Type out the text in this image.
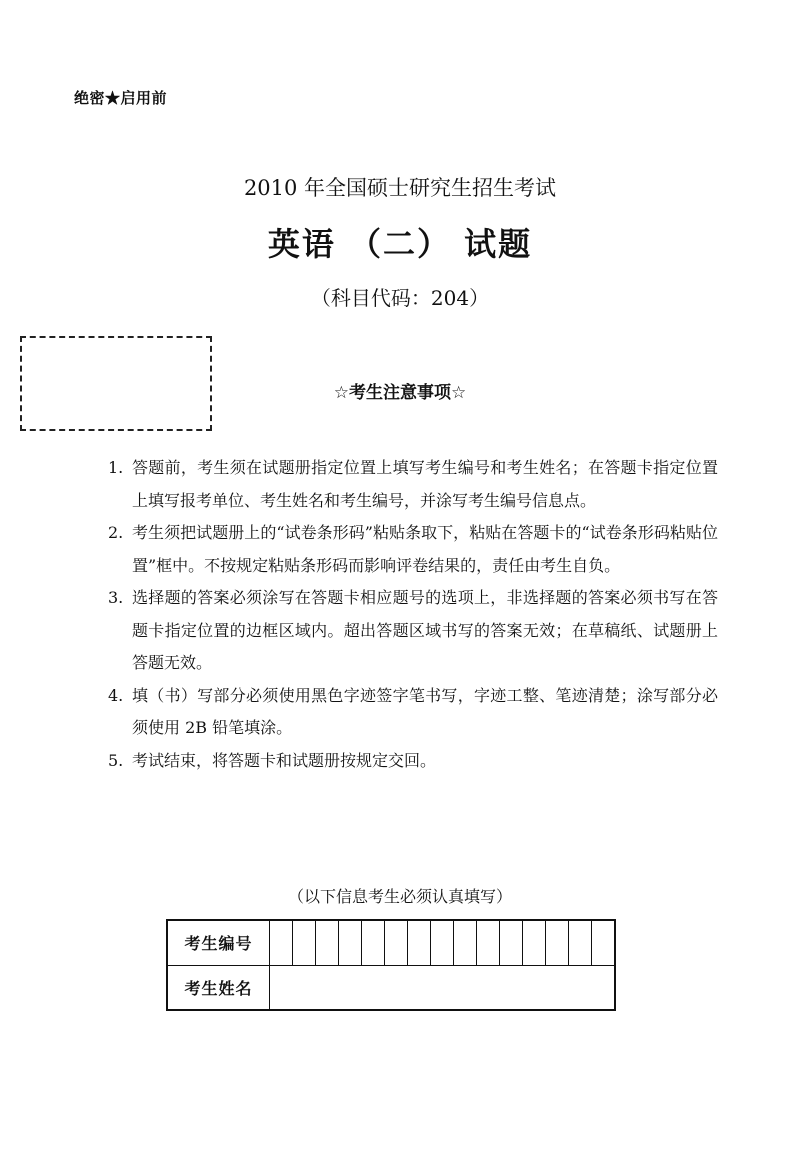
绝密★启用前
2010 年全国硕士研究生招生考试
英语 （二） 试题
（科目代码：204）
☆考生注意事项☆
1. 答题前，考生须在试题册指定位置上填写考生编号和考生姓名；在答题卡指定位置上填写报考单位、考生姓名和考生编号，并涂写考生编号信息点。
2. 考生须把试题册上的“试卷条形码”粘贴条取下，粘贴在答题卡的“试卷条形码粘贴位置”框中。不按规定粘贴条形码而影响评卷结果的，责任由考生自负。
3. 选择题的答案必须涂写在答题卡相应题号的选项上，非选择题的答案必须书写在答题卡指定位置的边框区域内。超出答题区域书写的答案无效；在草稿纸、试题册上答题无效。
4. 填（书）写部分必须使用黑色字迹签字笔书写，字迹工整、笔迹清楚；涂写部分必须使用 2B 铅笔填涂。
5. 考试结束，将答题卡和试题册按规定交回。
（以下信息考生必须认真填写）
考生编号
考生姓名
